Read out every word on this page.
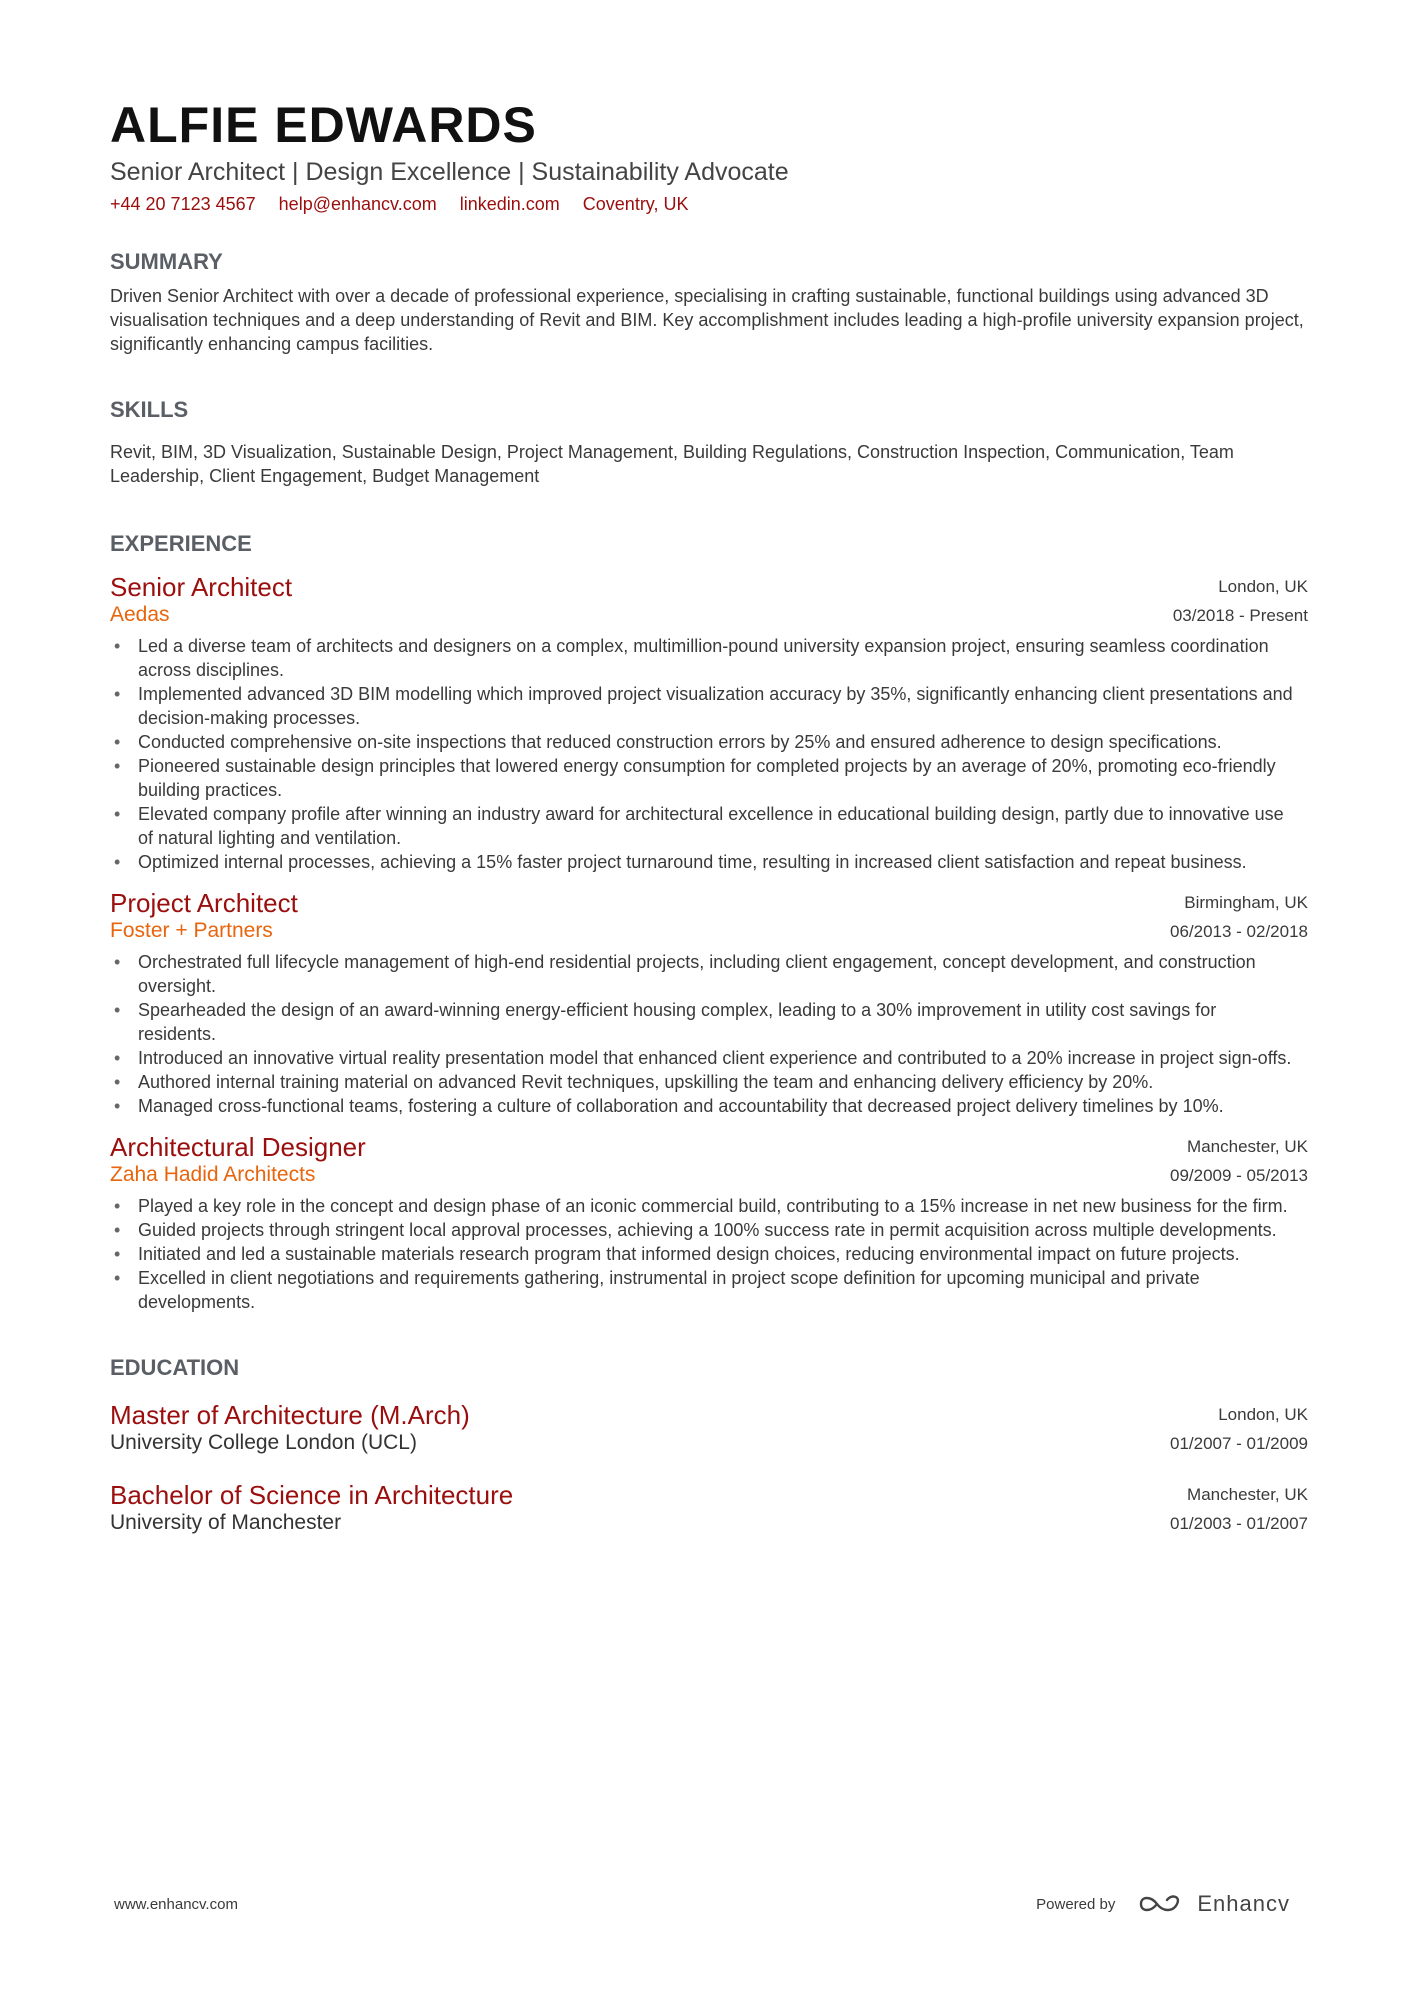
ALFIE EDWARDS
Senior Architect | Design Excellence | Sustainability Advocate
+44 20 7123 4567 help@enhancv.com linkedin.com Coventry, UK
SUMMARY
Driven Senior Architect with over a decade of professional experience, specialising in crafting sustainable, functional buildings using advanced 3D visualisation techniques and a deep understanding of Revit and BIM. Key accomplishment includes leading a high-profile university expansion project, significantly enhancing campus facilities.
SKILLS
Revit, BIM, 3D Visualization, Sustainable Design, Project Management, Building Regulations, Construction Inspection, Communication, Team Leadership, Client Engagement, Budget Management
EXPERIENCE
Senior Architect
Aedas
London, UK
03/2018 - Present
• Led a diverse team of architects and designers on a complex, multimillion-pound university expansion project, ensuring seamless coordination across disciplines.
• Implemented advanced 3D BIM modelling which improved project visualization accuracy by 35%, significantly enhancing client presentations and decision-making processes.
• Conducted comprehensive on-site inspections that reduced construction errors by 25% and ensured adherence to design specifications.
• Pioneered sustainable design principles that lowered energy consumption for completed projects by an average of 20%, promoting eco-friendly building practices.
• Elevated company profile after winning an industry award for architectural excellence in educational building design, partly due to innovative use of natural lighting and ventilation.
• Optimized internal processes, achieving a 15% faster project turnaround time, resulting in increased client satisfaction and repeat business.
Project Architect
Foster + Partners
Birmingham, UK
06/2013 - 02/2018
• Orchestrated full lifecycle management of high-end residential projects, including client engagement, concept development, and construction oversight.
• Spearheaded the design of an award-winning energy-efficient housing complex, leading to a 30% improvement in utility cost savings for residents.
• Introduced an innovative virtual reality presentation model that enhanced client experience and contributed to a 20% increase in project sign-offs.
• Authored internal training material on advanced Revit techniques, upskilling the team and enhancing delivery efficiency by 20%.
• Managed cross-functional teams, fostering a culture of collaboration and accountability that decreased project delivery timelines by 10%.
Architectural Designer
Zaha Hadid Architects
Manchester, UK
09/2009 - 05/2013
• Played a key role in the concept and design phase of an iconic commercial build, contributing to a 15% increase in net new business for the firm.
• Guided projects through stringent local approval processes, achieving a 100% success rate in permit acquisition across multiple developments.
• Initiated and led a sustainable materials research program that informed design choices, reducing environmental impact on future projects.
• Excelled in client negotiations and requirements gathering, instrumental in project scope definition for upcoming municipal and private developments.
EDUCATION
Master of Architecture (M.Arch)
University College London (UCL)
London, UK
01/2007 - 01/2009
Bachelor of Science in Architecture
University of Manchester
Manchester, UK
01/2003 - 01/2007
www.enhancv.com	Powered by	Enhancv
